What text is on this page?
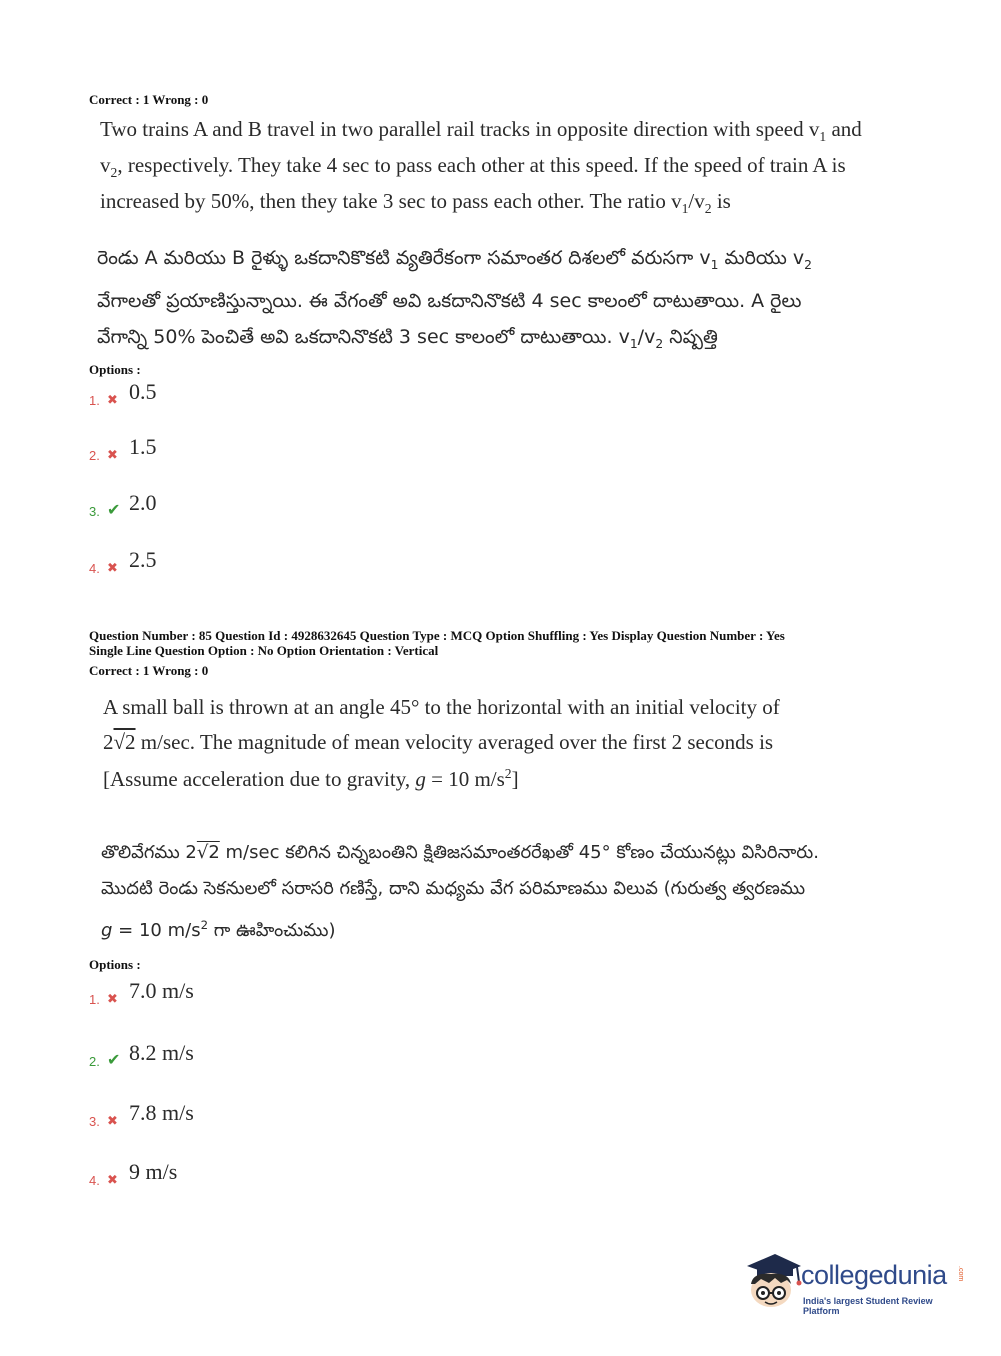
Correct : 1 Wrong : 0
Two trains A and B travel in two parallel rail tracks in opposite direction with speed $v_1$ and
$v_2$, respectively. They take 4 sec to pass each other at this speed. If the speed of train A is
increased by 50%, then they take 3 sec to pass each other. The ratio $v_1/v_2$ is
రెండు A మరియు B రైళ్ళు ఒకదానికొకటి వ్యతిరేకంగా సమాంతర దిశలలో వరుసగా $v_1$ మరియు $v_2$
వేగాలతో ప్రయాణిస్తున్నాయి. ఈ వేగంతో అవి ఒకదానినొకటి 4 sec కాలంలో దాటుతాయి. A రైలు
వేగాన్ని 50% పెంచితే అవి ఒకదానినొకటి 3 sec కాలంలో దాటుతాయి. $v_1/v_2$ నిష్పత్తి
Options :
1. ✖ 0.5
2. ✖ 1.5
3. ✔ 2.0
4. ✖ 2.5
Question Number : 85 Question Id : 4928632645 Question Type : MCQ Option Shuffling : Yes Display Question Number : Yes
Single Line Question Option : No Option Orientation : Vertical
Correct : 1 Wrong : 0
A small ball is thrown at an angle 45° to the horizontal with an initial velocity of
2√2 m/sec. The magnitude of mean velocity averaged over the first 2 seconds is
[Assume acceleration due to gravity, g = 10 $m/s^2$]
తొలివేగము 2√2 m/sec కలిగిన చిన్నబంతిని క్షితిజసమాంతరరేఖతో 45° కోణం చేయునట్లు విసిరినారు.
మొదటి రెండు సెకనులలో సరాసరి గణిస్తే, దాని మధ్యమ వేగ పరిమాణము విలువ (గురుత్వ త్వరణము
g = 10 $m/s^2$ గా ఊహించుము)
Options :
1. ✖ 7.0 m/s
2. ✔ 8.2 m/s
3. ✖ 7.8 m/s
4. ✖ 9 m/s
collegedunia .com
India's largest Student Review Platform
